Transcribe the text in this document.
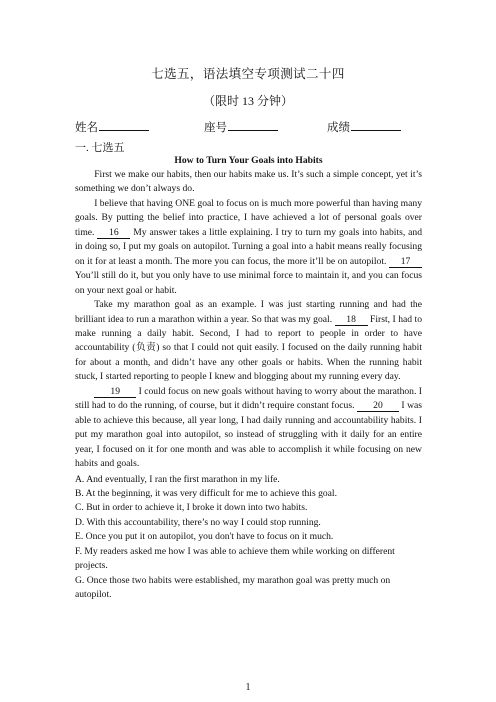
七选五，语法填空专项测试二十四
（限时 13 分钟）
姓名	座号	成绩
一. 七选五
How to Turn Your Goals into Habits

First we make our habits, then our habits make us. It’s such a simple concept, yet it’s something we don’t always do.

I believe that having ONE goal to focus on is much more powerful than having many goals. By putting the belief into practice, I have achieved a lot of personal goals over time. 16 My answer takes a little explaining. I try to turn my goals into habits, and in doing so, I put my goals on autopilot. Turning a goal into a habit means really focusing on it for at least a month. The more you can focus, the more it’ll be on autopilot. 17 You’ll still do it, but you only have to use minimal force to maintain it, and you can focus on your next goal or habit.

Take my marathon goal as an example. I was just starting running and had the brilliant idea to run a marathon within a year. So that was my goal. 18 First, I had to make running a daily habit. Second, I had to report to people in order to have accountability (负责) so that I could not quit easily. I focused on the daily running habit for about a month, and didn’t have any other goals or habits. When the running habit stuck, I started reporting to people I knew and blogging about my running every day.

19 I could focus on new goals without having to worry about the marathon. I still had to do the running, of course, but it didn’t require constant focus. 20 I was able to achieve this because, all year long, I had daily running and accountability habits. I put my marathon goal into autopilot, so instead of struggling with it daily for an entire year, I focused on it for one month and was able to accomplish it while focusing on new habits and goals.

A. And eventually, I ran the first marathon in my life.

B. At the beginning, it was very difficult for me to achieve this goal.

C. But in order to achieve it, I broke it down into two habits.

D. With this accountability, there’s no way I could stop running.

E. Once you put it on autopilot, you don't have to focus on it much.

F. My readers asked me how I was able to achieve them while working on different projects.

G. Once those two habits were established, my marathon goal was pretty much on autopilot.

1
